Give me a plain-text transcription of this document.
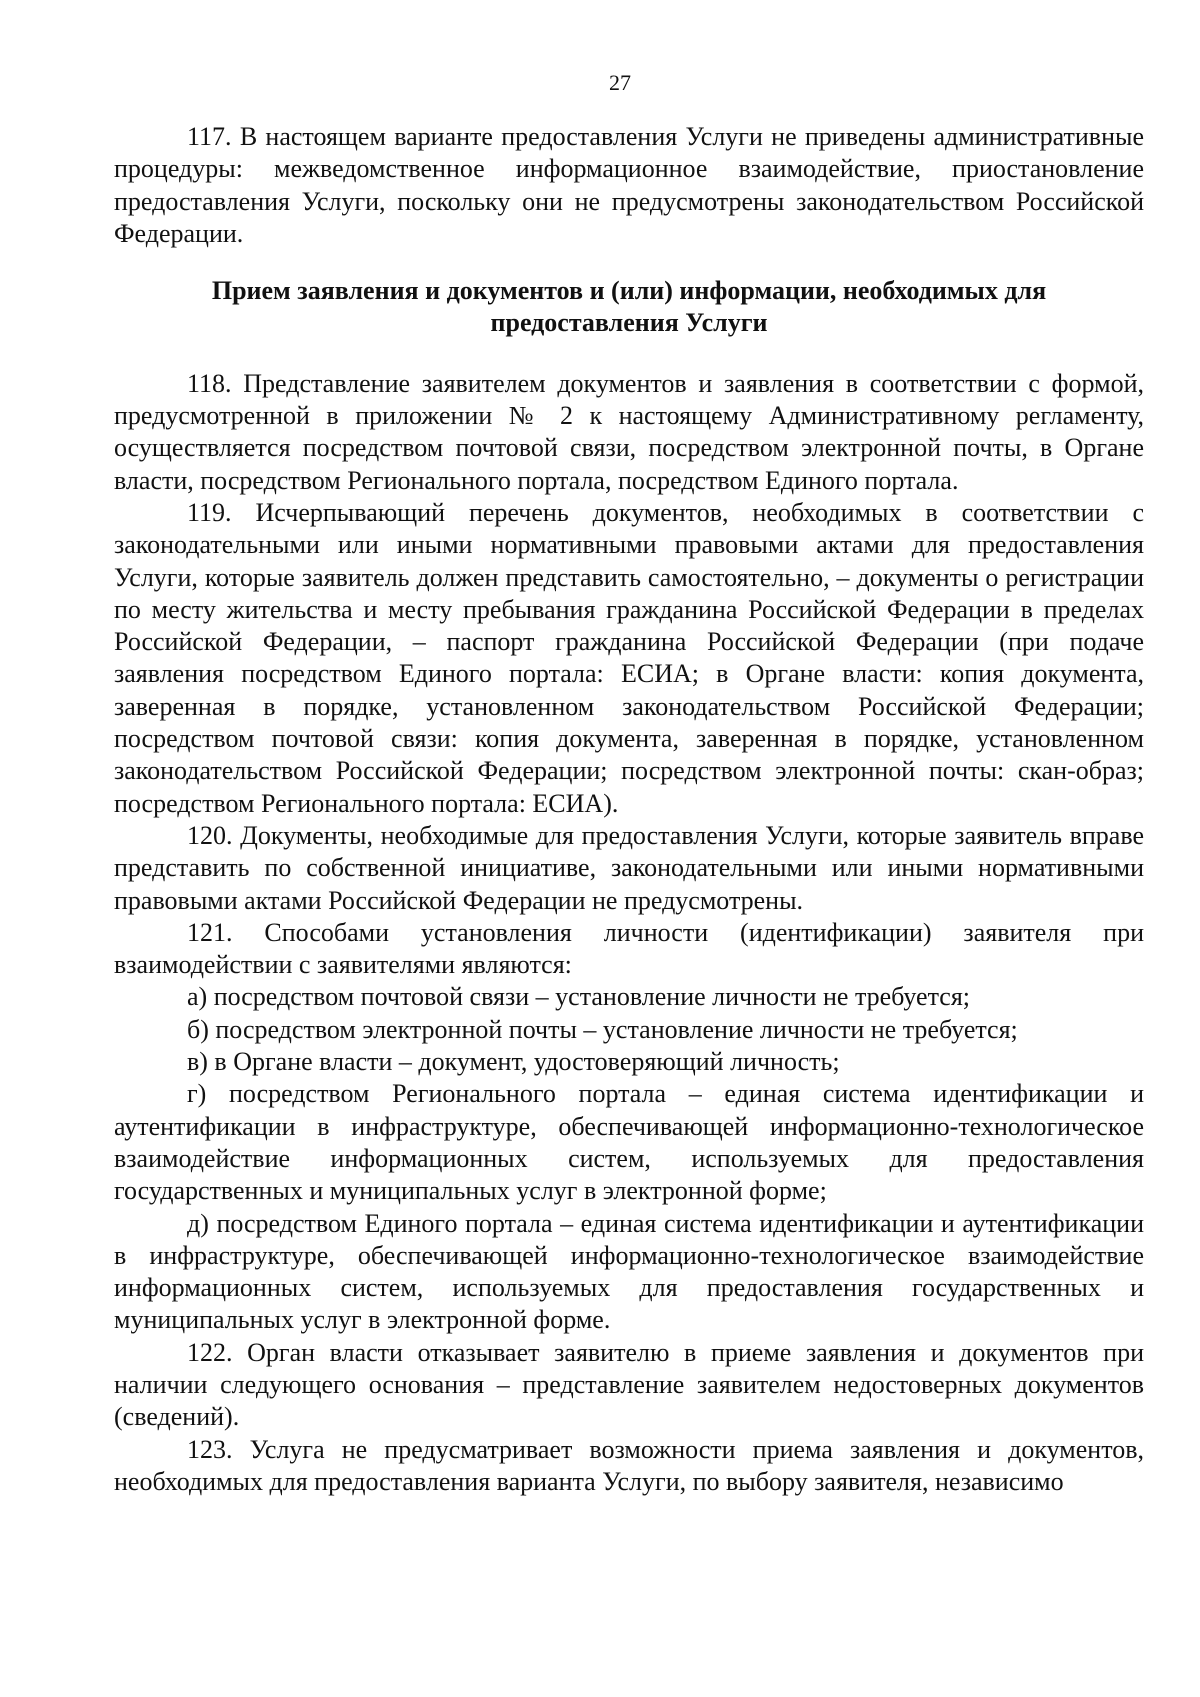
27

117. В настоящем варианте предоставления Услуги не приведены административные процедуры: межведомственное информационное взаимодействие, приостановление предоставления Услуги, поскольку они не предусмотрены законодательством Российской Федерации.

Прием заявления и документов и (или) информации, необходимых для
предоставления Услуги

118. Представление заявителем документов и заявления в соответствии с формой, предусмотренной в приложении № 2 к настоящему Административному регламенту, осуществляется посредством почтовой связи, посредством электронной почты, в Органе власти, посредством Регионального портала, посредством Единого портала.

119. Исчерпывающий перечень документов, необходимых в соответствии с законодательными или иными нормативными правовыми актами для предоставления Услуги, которые заявитель должен представить самостоятельно, – документы о регистрации по месту жительства и месту пребывания гражданина Российской Федерации в пределах Российской Федерации, – паспорт гражданина Российской Федерации (при подаче заявления посредством Единого портала: ЕСИА; в Органе власти: копия документа, заверенная в порядке, установленном законодательством Российской Федерации; посредством почтовой связи: копия документа, заверенная в порядке, установленном законодательством Российской Федерации; посредством электронной почты: скан-образ; посредством Регионального портала: ЕСИА).

120. Документы, необходимые для предоставления Услуги, которые заявитель вправе представить по собственной инициативе, законодательными или иными нормативными правовыми актами Российской Федерации не предусмотрены.

121. Способами установления личности (идентификации) заявителя при взаимодействии с заявителями являются:

а) посредством почтовой связи – установление личности не требуется;

б) посредством электронной почты – установление личности не требуется;

в) в Органе власти – документ, удостоверяющий личность;

г) посредством Регионального портала – единая система идентификации и аутентификации в инфраструктуре, обеспечивающей информационно-технологическое взаимодействие информационных систем, используемых для предоставления государственных и муниципальных услуг в электронной форме;

д) посредством Единого портала – единая система идентификации и аутентификации в инфраструктуре, обеспечивающей информационно-технологическое взаимодействие информационных систем, используемых для предоставления государственных и муниципальных услуг в электронной форме.

122. Орган власти отказывает заявителю в приеме заявления и документов при наличии следующего основания – представление заявителем недостоверных документов (сведений).

123. Услуга не предусматривает возможности приема заявления и документов, необходимых для предоставления варианта Услуги, по выбору заявителя, независимо
